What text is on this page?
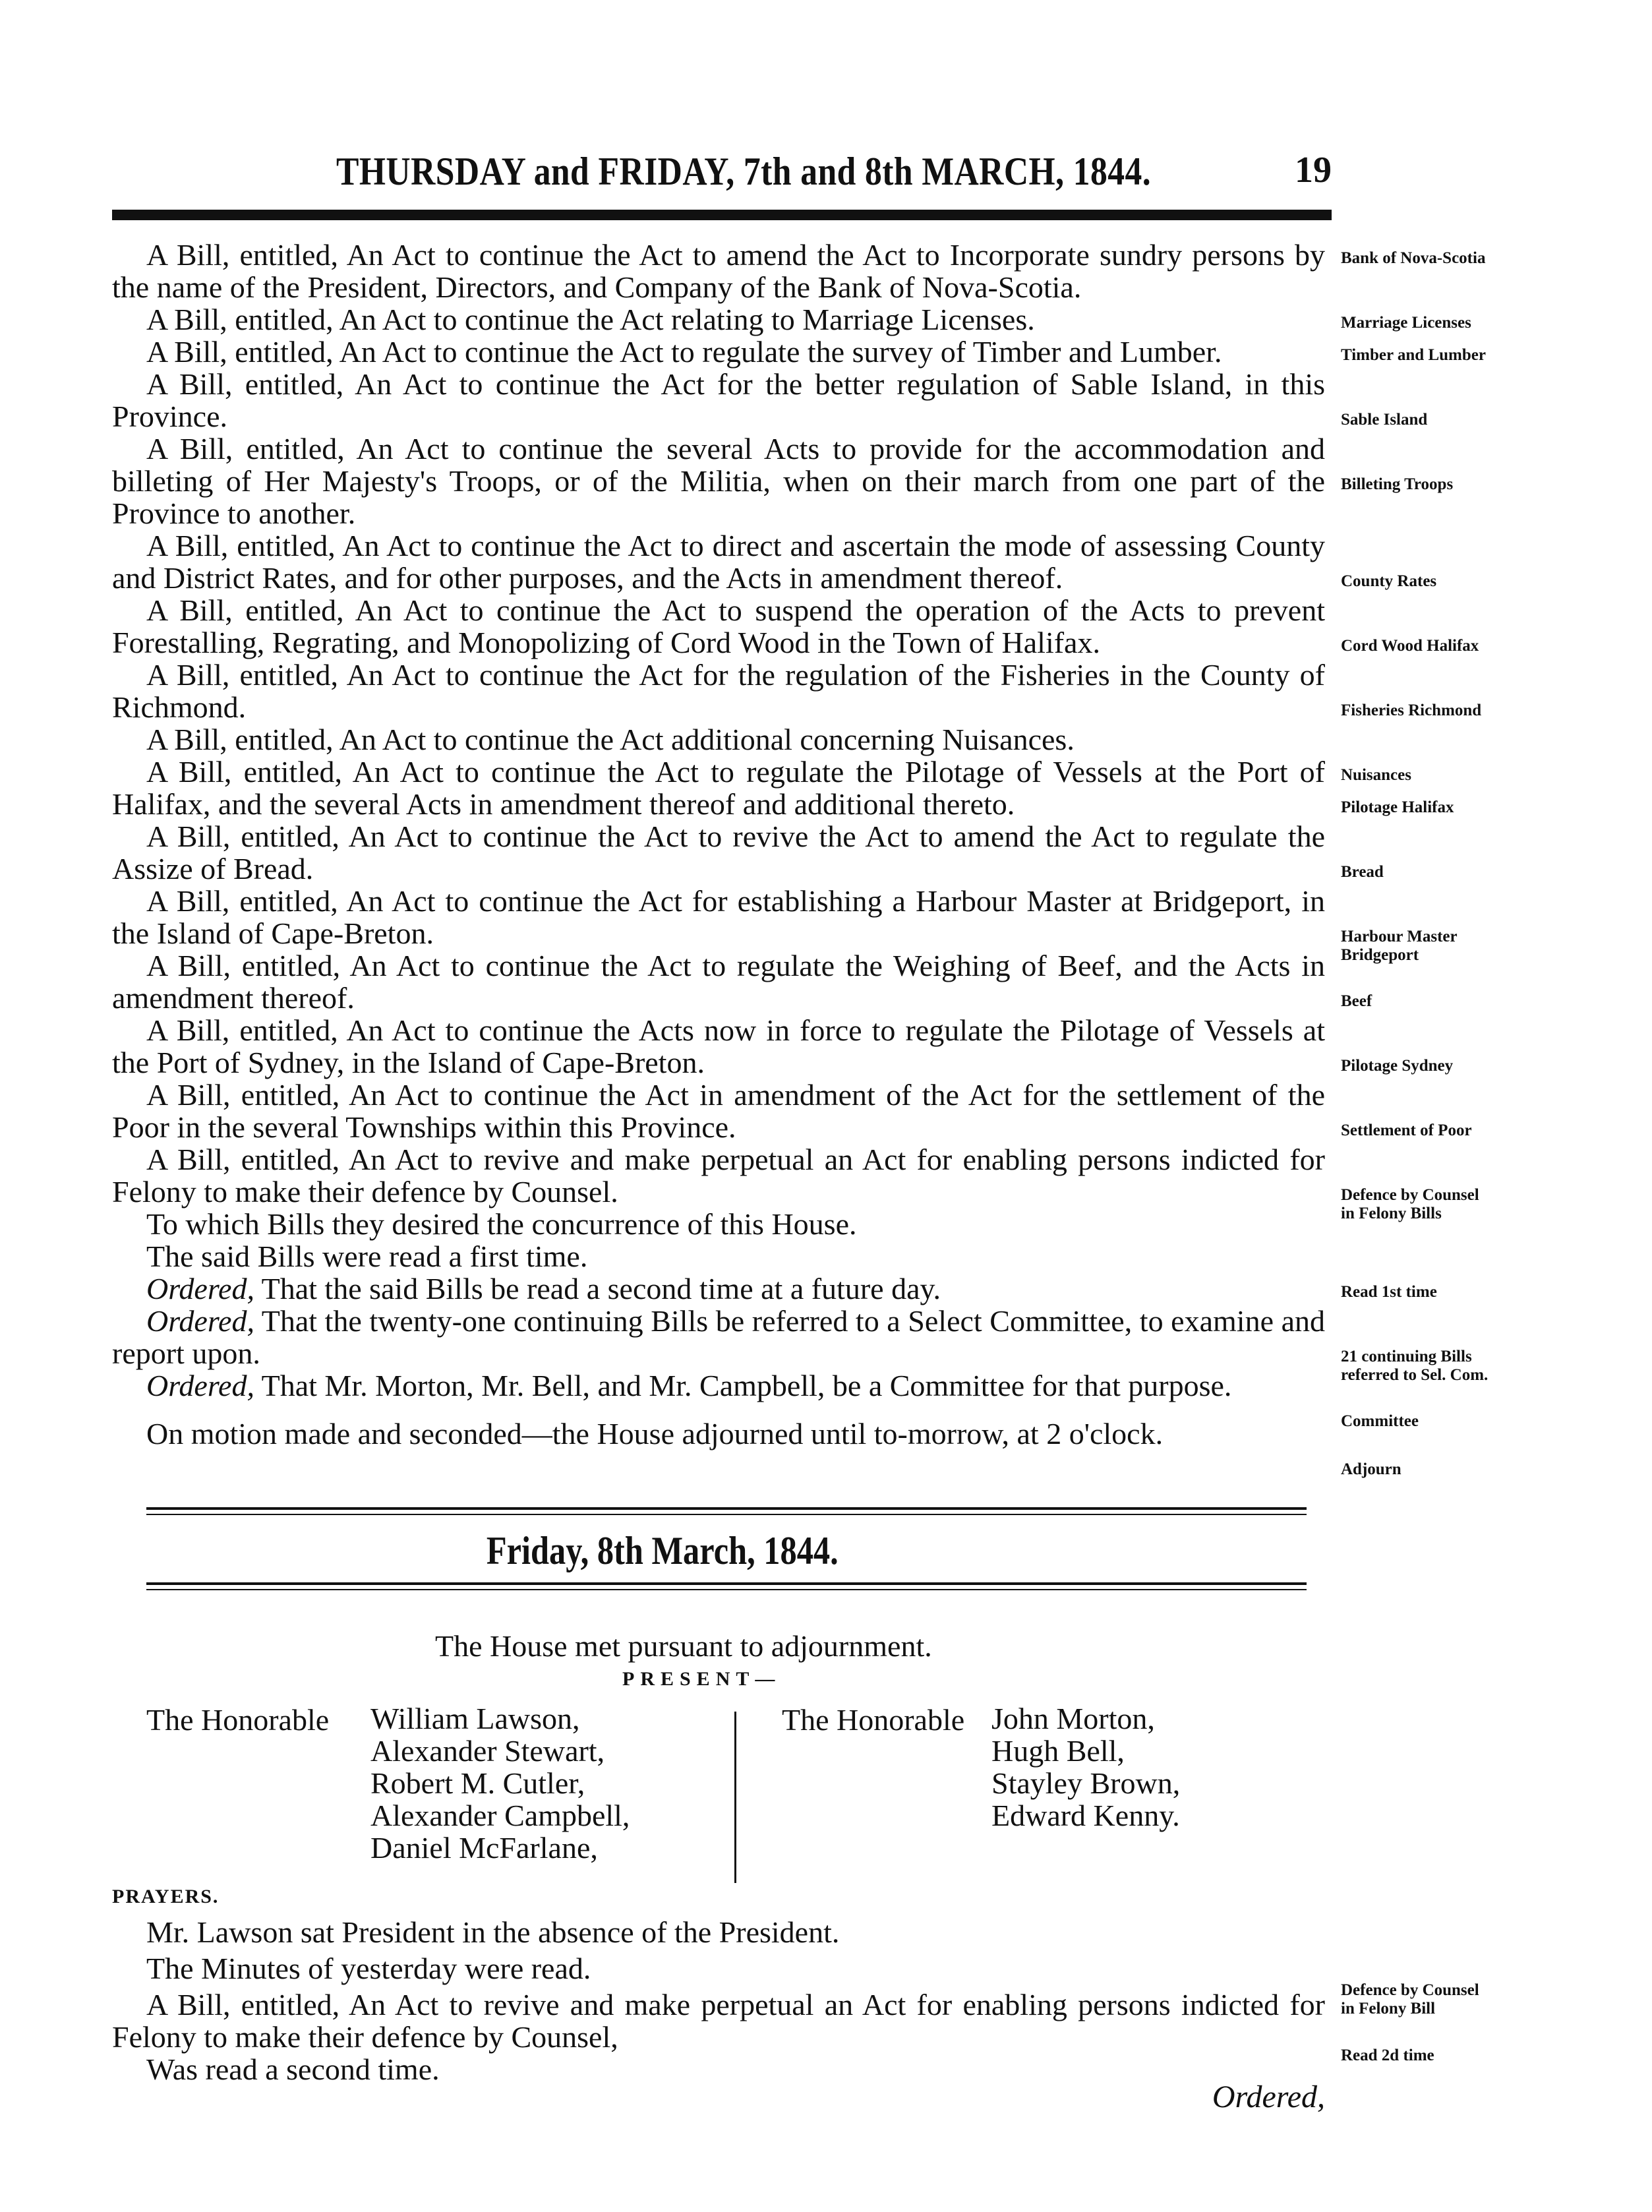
THURSDAY and FRIDAY, 7th and 8th MARCH, 1844.	19

A Bill, entitled, An Act to continue the Act to amend the Act to Incorporate sundry persons by the name of the President, Directors, and Company of the Bank of Nova-Scotia.

A Bill, entitled, An Act to continue the Act relating to Marriage Licenses.

A Bill, entitled, An Act to continue the Act to regulate the survey of Timber and Lumber.

A Bill, entitled, An Act to continue the Act for the better regulation of Sable Island, in this Province.

A Bill, entitled, An Act to continue the several Acts to provide for the accommodation and billeting of Her Majesty's Troops, or of the Militia, when on their march from one part of the Province to another.

A Bill, entitled, An Act to continue the Act to direct and ascertain the mode of assessing County and District Rates, and for other purposes, and the Acts in amendment thereof.

A Bill, entitled, An Act to continue the Act to suspend the operation of the Acts to prevent Forestalling, Regrating, and Monopolizing of Cord Wood in the Town of Halifax.

A Bill, entitled, An Act to continue the Act for the regulation of the Fisheries in the County of Richmond.

A Bill, entitled, An Act to continue the Act additional concerning Nuisances.

A Bill, entitled, An Act to continue the Act to regulate the Pilotage of Vessels at the Port of Halifax, and the several Acts in amendment thereof and additional thereto.

A Bill, entitled, An Act to continue the Act to revive the Act to amend the Act to regulate the Assize of Bread.

A Bill, entitled, An Act to continue the Act for establishing a Harbour Master at Bridgeport, in the Island of Cape-Breton.

A Bill, entitled, An Act to continue the Act to regulate the Weighing of Beef, and the Acts in amendment thereof.

A Bill, entitled, An Act to continue the Acts now in force to regulate the Pilotage of Vessels at the Port of Sydney, in the Island of Cape-Breton.

A Bill, entitled, An Act to continue the Act in amendment of the Act for the settlement of the Poor in the several Townships within this Province.

A Bill, entitled, An Act to revive and make perpetual an Act for enabling persons indicted for Felony to make their defence by Counsel.

To which Bills they desired the concurrence of this House.

The said Bills were read a first time.

Ordered, That the said Bills be read a second time at a future day.

Ordered, That the twenty-one continuing Bills be referred to a Select Committee, to examine and report upon.

Ordered, That Mr. Morton, Mr. Bell, and Mr. Campbell, be a Committee for that purpose.

On motion made and seconded—the House adjourned until to-morrow, at 2 o'clock.

Bank of Nova-Scotia
Marriage Licenses
Timber and Lumber
Sable Island
Billeting Troops
County Rates
Cord Wood Halifax
Fisheries Richmond
Nuisances
Pilotage Halifax
Bread
Harbour Master
Bridgeport
Beef
Pilotage Sydney
Settlement of Poor
Defence by Counsel
in Felony Bills
Read 1st time
21 continuing Bills
referred to Sel. Com.
Committee
Adjourn
Defence by Counsel
in Felony Bill
Read 2d time
Friday, 8th March, 1844.
The House met pursuant to adjournment.
PRESENT—
The Honorable William Lawson,
Alexander Stewart,
Robert M. Cutler,
Alexander Campbell,
Daniel McFarlane,
The Honorable John Morton,
Hugh Bell,
Stayley Brown,
Edward Kenny.
PRAYERS.

Mr. Lawson sat President in the absence of the President.

The Minutes of yesterday were read.

A Bill, entitled, An Act to revive and make perpetual an Act for enabling persons indicted for Felony to make their defence by Counsel,

Was read a second time.

Ordered,
